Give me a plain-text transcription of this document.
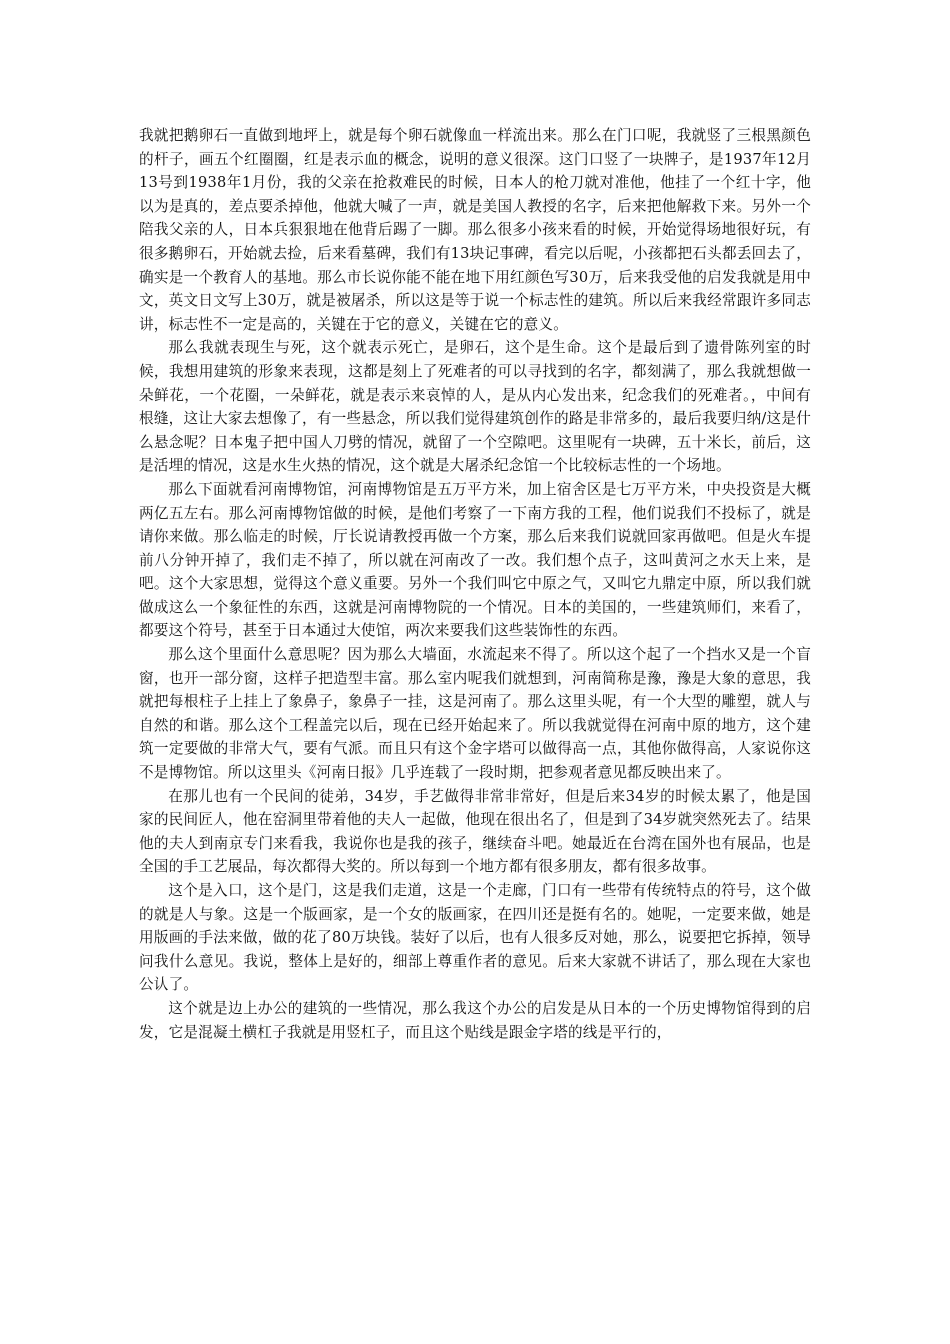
我就把鹅卵石一直做到地坪上，就是每个卵石就像血一样流出来。那么在门口呢，我就竖了三根黑颜色的杆子，画五个红圈圈，红是表示血的概念，说明的意义很深。这门口竖了一块牌子，是1937年12月13号到1938年1月份，我的父亲在抢救难民的时候，日本人的枪刀就对准他，他挂了一个红十字，他以为是真的，差点要杀掉他，他就大喊了一声，就是美国人教授的名字，后来把他解救下来。另外一个陪我父亲的人，日本兵狠狠地在他背后踢了一脚。那么很多小孩来看的时候，开始觉得场地很好玩，有很多鹅卵石，开始就去捡，后来看墓碑，我们有13块记事碑，看完以后呢，小孩都把石头都丢回去了，确实是一个教育人的基地。那么市长说你能不能在地下用红颜色写30万，后来我受他的启发我就是用中文，英文日文写上30万，就是被屠杀，所以这是等于说一个标志性的建筑。所以后来我经常跟许多同志讲，标志性不一定是高的，关键在于它的意义，关键在它的意义。

那么我就表现生与死，这个就表示死亡，是卵石，这个是生命。这个是最后到了遗骨陈列室的时候，我想用建筑的形象来表现，这都是刻上了死难者的可以寻找到的名字，都刻满了，那么我就想做一朵鲜花，一个花圈，一朵鲜花，就是表示来哀悼的人，是从内心发出来，纪念我们的死难者。，中间有根缝，这让大家去想像了，有一些悬念，所以我们觉得建筑创作的路是非常多的，最后我要归纳/这是什么悬念呢？日本鬼子把中国人刀劈的情况，就留了一个空隙吧。这里呢有一块碑，五十米长，前后，这是活埋的情况，这是水生火热的情况，这个就是大屠杀纪念馆一个比较标志性的一个场地。

那么下面就看河南博物馆，河南博物馆是五万平方米，加上宿舍区是七万平方米，中央投资是大概两亿五左右。那么河南博物馆做的时候，是他们考察了一下南方我的工程，他们说我们不投标了，就是请你来做。那么临走的时候，厅长说请教授再做一个方案，那么后来我们说就回家再做吧。但是火车提前八分钟开掉了，我们走不掉了，所以就在河南改了一改。我们想个点子，这叫黄河之水天上来，是吧。这个大家思想，觉得这个意义重要。另外一个我们叫它中原之气，又叫它九鼎定中原，所以我们就做成这么一个象征性的东西，这就是河南博物院的一个情况。日本的美国的，一些建筑师们，来看了，都要这个符号，甚至于日本通过大使馆，两次来要我们这些装饰性的东西。

那么这个里面什么意思呢？因为那么大墙面，水流起来不得了。所以这个起了一个挡水又是一个盲窗，也开一部分窗，这样子把造型丰富。那么室内呢我们就想到，河南简称是豫，豫是大象的意思，我就把每根柱子上挂上了象鼻子，象鼻子一挂，这是河南了。那么这里头呢，有一个大型的雕塑，就人与自然的和谐。那么这个工程盖完以后，现在已经开始起来了。所以我就觉得在河南中原的地方，这个建筑一定要做的非常大气，要有气派。而且只有这个金字塔可以做得高一点，其他你做得高，人家说你这不是博物馆。所以这里头《河南日报》几乎连载了一段时期，把参观者意见都反映出来了。

在那儿也有一个民间的徒弟，34岁，手艺做得非常非常好，但是后来34岁的时候太累了，他是国家的民间匠人，他在窑洞里带着他的夫人一起做，他现在很出名了，但是到了34岁就突然死去了。结果他的夫人到南京专门来看我，我说你也是我的孩子，继续奋斗吧。她最近在台湾在国外也有展品，也是全国的手工艺展品，每次都得大奖的。所以每到一个地方都有很多朋友，都有很多故事。

这个是入口，这个是门，这是我们走道，这是一个走廊，门口有一些带有传统特点的符号，这个做的就是人与象。这是一个版画家，是一个女的版画家，在四川还是挺有名的。她呢，一定要来做，她是用版画的手法来做，做的花了80万块钱。装好了以后，也有人很多反对她，那么，说要把它拆掉，领导问我什么意见。我说，整体上是好的，细部上尊重作者的意见。后来大家就不讲话了，那么现在大家也公认了。

这个就是边上办公的建筑的一些情况，那么我这个办公的启发是从日本的一个历史博物馆得到的启发，它是混凝土横杠子我就是用竖杠子，而且这个贴线是跟金字塔的线是平行的，
